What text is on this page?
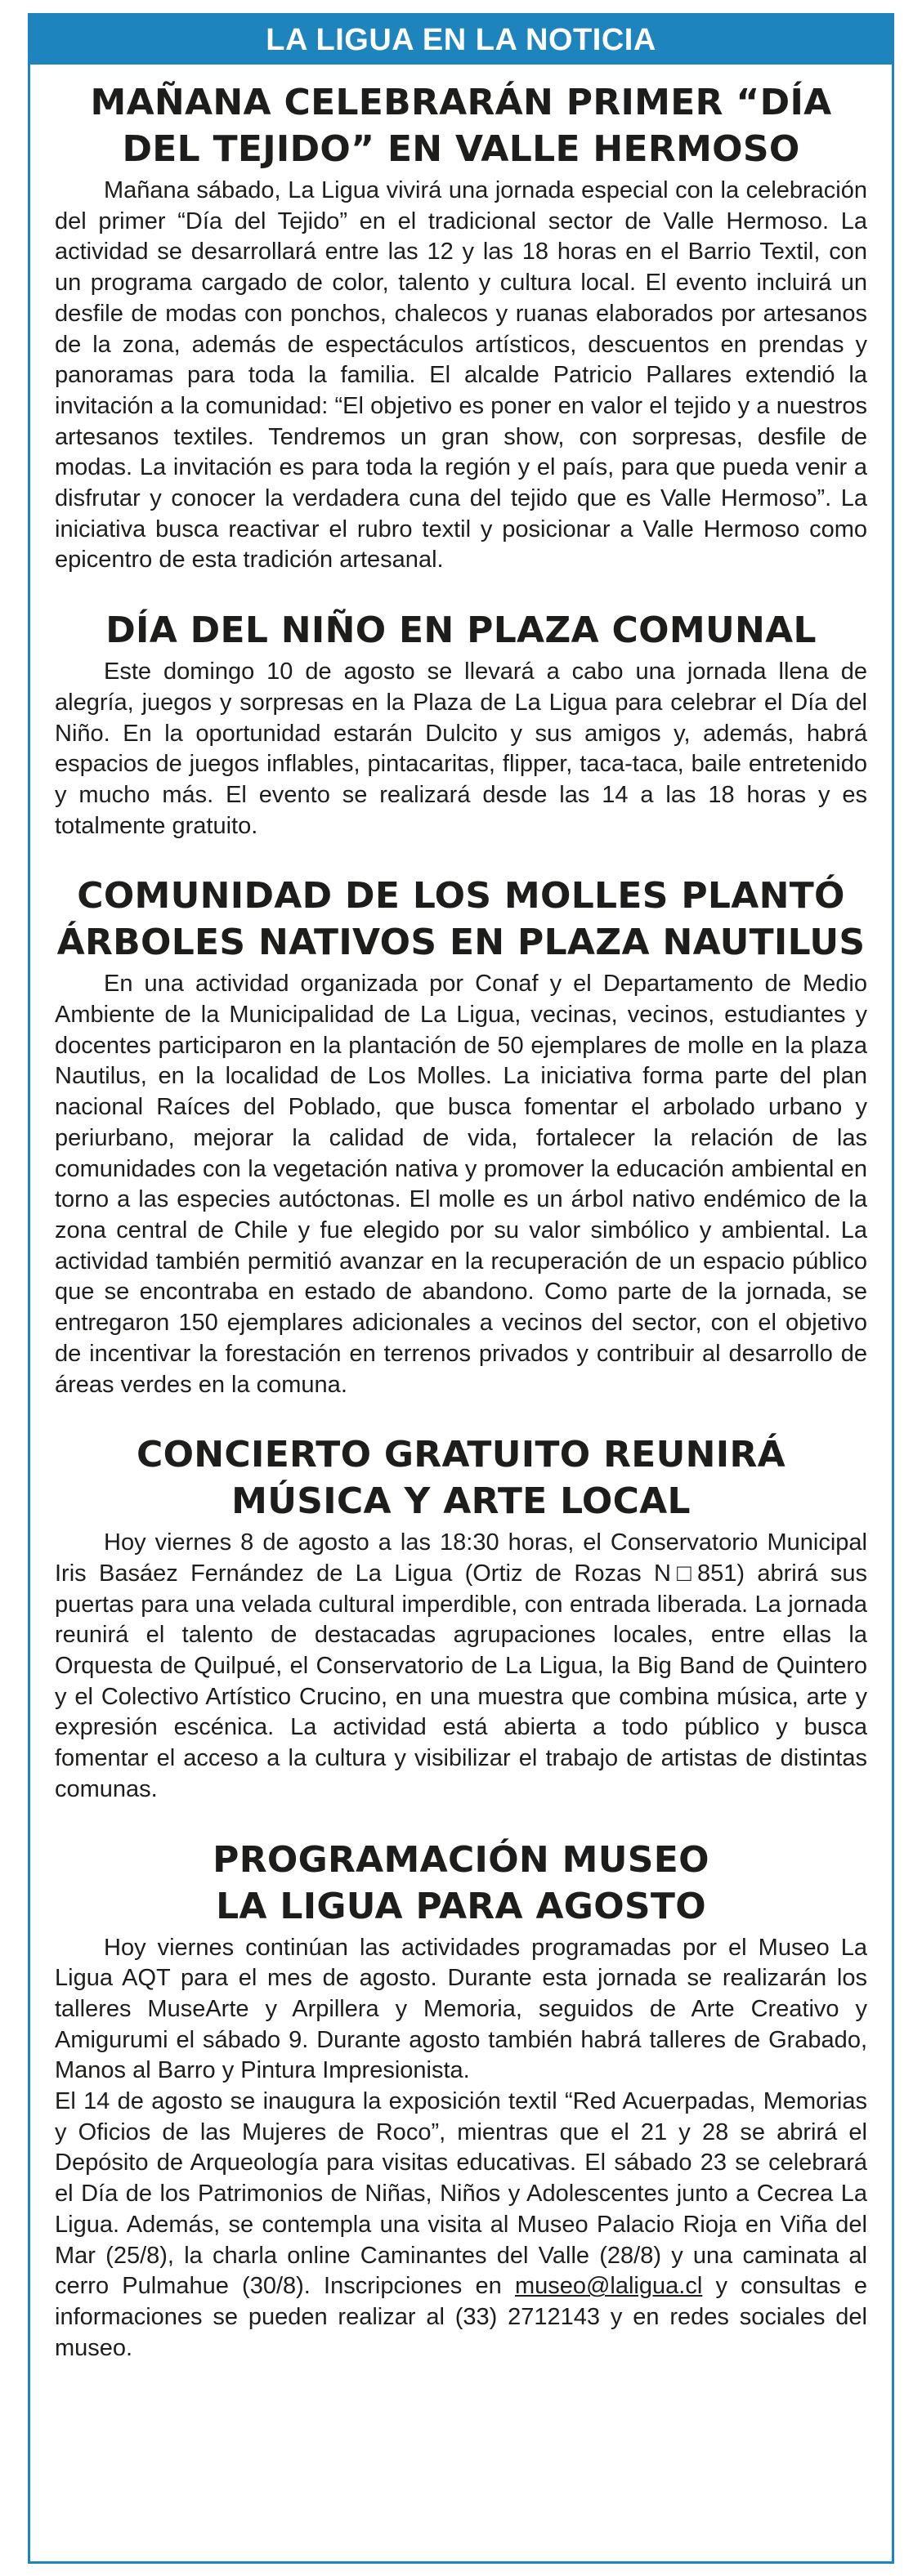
LA LIGUA EN LA NOTICIA
MAÑANA CELEBRARÁN PRIMER “DÍA
DEL TEJIDO” EN VALLE HERMOSO

Mañana sábado, La Ligua vivirá una jornada especial con la celebración del primer “Día del Tejido” en el tradicional sector de Valle Hermoso. La actividad se desarrollará entre las 12 y las 18 horas en el Barrio Textil, con un programa cargado de color, talento y cultura local. El evento incluirá un desfile de modas con ponchos, chalecos y ruanas elaborados por artesanos de la zona, además de espectáculos artísticos, descuentos en prendas y panoramas para toda la familia. El alcalde Patricio Pallares extendió la invitación a la comunidad: “El objetivo es poner en valor el tejido y a nuestros artesanos textiles. Tendremos un gran show, con sorpresas, desfile de modas. La invitación es para toda la región y el país, para que pueda venir a disfrutar y conocer la verdadera cuna del tejido que es Valle Hermoso”. La iniciativa busca reactivar el rubro textil y posicionar a Valle Hermoso como epicentro de esta tradición artesanal.

DÍA DEL NIÑO EN PLAZA COMUNAL

Este domingo 10 de agosto se llevará a cabo una jornada llena de alegría, juegos y sorpresas en la Plaza de La Ligua para celebrar el Día del Niño. En la oportunidad estarán Dulcito y sus amigos y, además, habrá espacios de juegos inflables, pintacaritas, flipper, taca-taca, baile entretenido y mucho más. El evento se realizará desde las 14 a las 18 horas y es totalmente gratuito.

COMUNIDAD DE LOS MOLLES PLANTÓ
ÁRBOLES NATIVOS EN PLAZA NAUTILUS

En una actividad organizada por Conaf y el Departamento de Medio Ambiente de la Municipalidad de La Ligua, vecinas, vecinos, estudiantes y docentes participaron en la plantación de 50 ejemplares de molle en la plaza Nautilus, en la localidad de Los Molles. La iniciativa forma parte del plan nacional Raíces del Poblado, que busca fomentar el arbolado urbano y periurbano, mejorar la calidad de vida, fortalecer la relación de las comunidades con la vegetación nativa y promover la educación ambiental en torno a las especies autóctonas. El molle es un árbol nativo endémico de la zona central de Chile y fue elegido por su valor simbólico y ambiental. La actividad también permitió avanzar en la recuperación de un espacio público que se encontraba en estado de abandono. Como parte de la jornada, se entregaron 150 ejemplares adicionales a vecinos del sector, con el objetivo de incentivar la forestación en terrenos privados y contribuir al desarrollo de áreas verdes en la comuna.

CONCIERTO GRATUITO REUNIRÁ
MÚSICA Y ARTE LOCAL

Hoy viernes 8 de agosto a las 18:30 horas, el Conservatorio Municipal Iris Basáez Fernández de La Ligua (Ortiz de Rozas N□851) abrirá sus puertas para una velada cultural imperdible, con entrada liberada. La jornada reunirá el talento de destacadas agrupaciones locales, entre ellas la Orquesta de Quilpué, el Conservatorio de La Ligua, la Big Band de Quintero y el Colectivo Artístico Crucino, en una muestra que combina música, arte y expresión escénica. La actividad está abierta a todo público y busca fomentar el acceso a la cultura y visibilizar el trabajo de artistas de distintas comunas.

PROGRAMACIÓN MUSEO
LA LIGUA PARA AGOSTO

Hoy viernes continúan las actividades programadas por el Museo La Ligua AQT para el mes de agosto. Durante esta jornada se realizarán los talleres MuseArte y Arpillera y Memoria, seguidos de Arte Creativo y Amigurumi el sábado 9. Durante agosto también habrá talleres de Grabado, Manos al Barro y Pintura Impresionista.

El 14 de agosto se inaugura la exposición textil “Red Acuerpadas, Memorias y Oficios de las Mujeres de Roco”, mientras que el 21 y 28 se abrirá el Depósito de Arqueología para visitas educativas. El sábado 23 se celebrará el Día de los Patrimonios de Niñas, Niños y Adolescentes junto a Cecrea La Ligua. Además, se contempla una visita al Museo Palacio Rioja en Viña del Mar (25/8), la charla online Caminantes del Valle (28/8) y una caminata al cerro Pulmahue (30/8). Inscripciones en museo@laligua.cl y consultas e informaciones se pueden realizar al (33) 2712143 y en redes sociales del museo.
